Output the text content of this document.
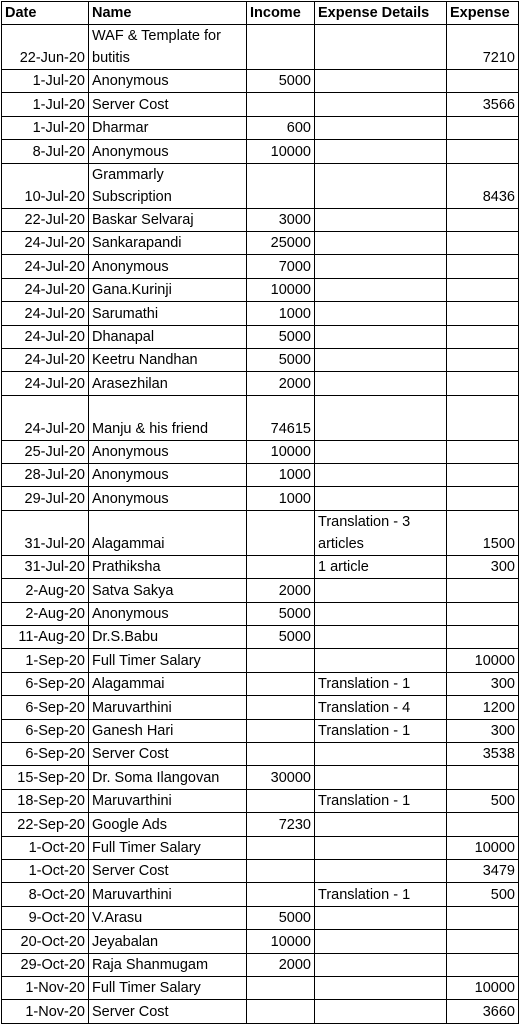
Date	Name	Income	Expense Details	Expense
22-Jun-20	WAF & Template for butitis			7210
1-Jul-20	Anonymous	5000		
1-Jul-20	Server Cost			3566
1-Jul-20	Dharmar	600		
8-Jul-20	Anonymous	10000		
10-Jul-20	Grammarly Subscription			8436
22-Jul-20	Baskar Selvaraj	3000		
24-Jul-20	Sankarapandi	25000		
24-Jul-20	Anonymous	7000		
24-Jul-20	Gana.Kurinji	10000		
24-Jul-20	Sarumathi	1000		
24-Jul-20	Dhanapal	5000		
24-Jul-20	Keetru Nandhan	5000		
24-Jul-20	Arasezhilan	2000		
24-Jul-20	Manju & his friend	74615		
25-Jul-20	Anonymous	10000		
28-Jul-20	Anonymous	1000		
29-Jul-20	Anonymous	1000		
31-Jul-20	Alagammai		Translation - 3 articles	1500
31-Jul-20	Prathiksha		1 article	300
2-Aug-20	Satva Sakya	2000		
2-Aug-20	Anonymous	5000		
11-Aug-20	Dr.S.Babu	5000		
1-Sep-20	Full Timer Salary			10000
6-Sep-20	Alagammai		Translation - 1	300
6-Sep-20	Maruvarthini		Translation - 4	1200
6-Sep-20	Ganesh Hari		Translation - 1	300
6-Sep-20	Server Cost			3538
15-Sep-20	Dr. Soma Ilangovan	30000		
18-Sep-20	Maruvarthini		Translation - 1	500
22-Sep-20	Google Ads	7230		
1-Oct-20	Full Timer Salary			10000
1-Oct-20	Server Cost			3479
8-Oct-20	Maruvarthini		Translation - 1	500
9-Oct-20	V.Arasu	5000		
20-Oct-20	Jeyabalan	10000		
29-Oct-20	Raja Shanmugam	2000		
1-Nov-20	Full Timer Salary			10000
1-Nov-20	Server Cost			3660
